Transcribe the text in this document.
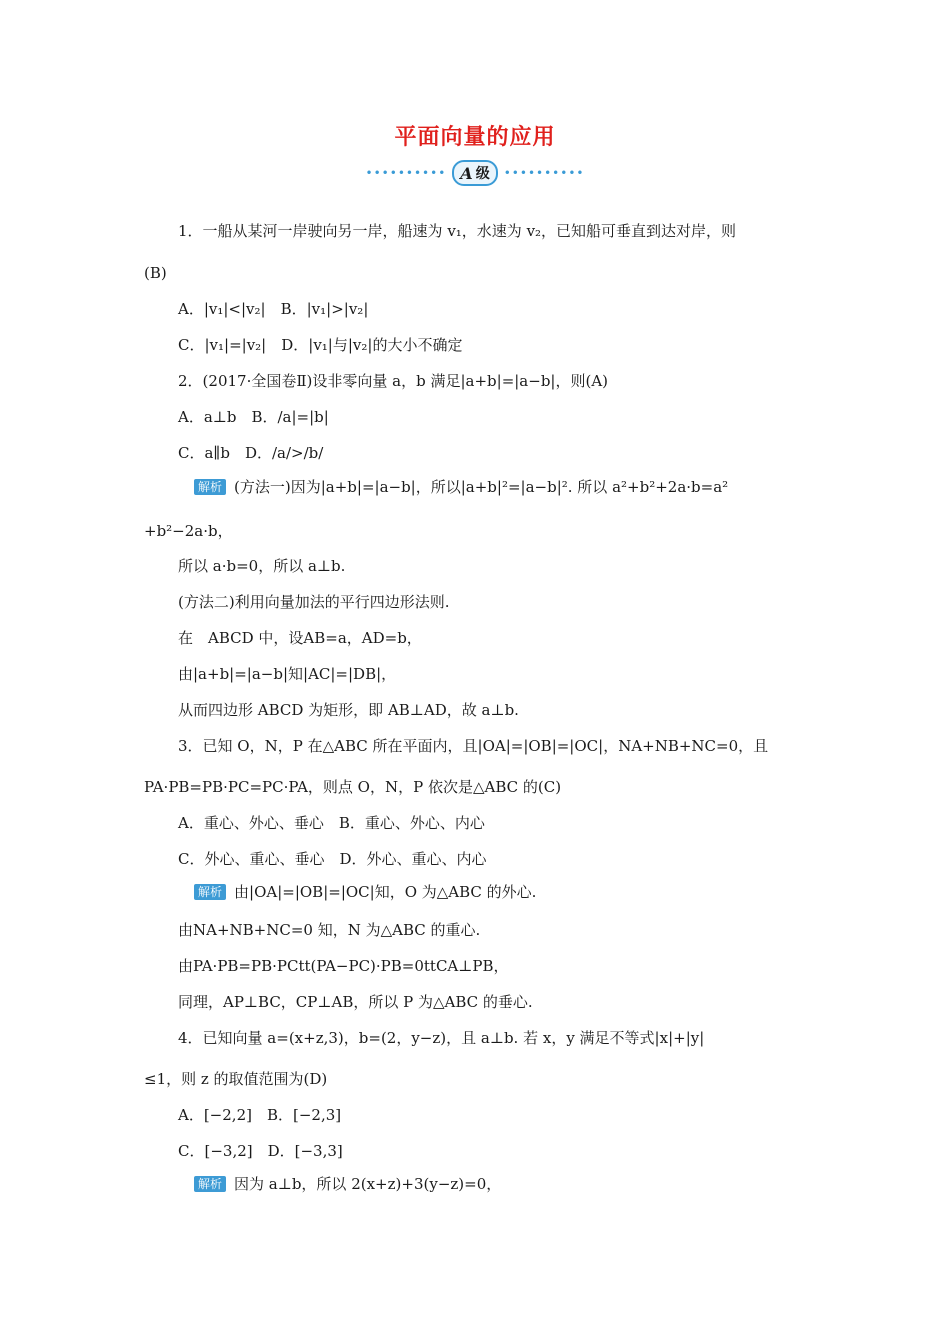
平面向量的应用
•••••••••• A 级 ••••••••••
1．一船从某河一岸驶向另一岸，船速为 v₁，水速为 v₂，已知船可垂直到达对岸，则
(B)
A．|v₁|<|v₂|　B．|v₁|>|v₂|
C．|v₁|=|v₂|　D．|v₁|与|v₂|的大小不确定
2．(2017·全国卷Ⅱ)设非零向量 a，b 满足|a+b|=|a−b|，则(A)
A．a⊥b　B．/a|=|b|
C．a∥b　D．/a/>/b/
解析 (方法一)因为|a+b|=|a−b|，所以|a+b|²=|a−b|². 所以 a²+b²+2a·b=a²
+b²−2a·b，
所以 a·b=0，所以 a⊥b.
(方法二)利用向量加法的平行四边形法则.
在　ABCD 中，设AB=a，AD=b，
由|a+b|=|a−b|知|AC|=|DB|，
从而四边形 ABCD 为矩形，即 AB⊥AD，故 a⊥b.
3．已知 O，N，P 在△ABC 所在平面内，且|OA|=|OB|=|OC|，NA+NB+NC=0，且
PA·PB=PB·PC=PC·PA，则点 O，N，P 依次是△ABC 的(C)
A．重心、外心、垂心　B．重心、外心、内心
C．外心、重心、垂心　D．外心、重心、内心
解析 由|OA|=|OB|=|OC|知，O 为△ABC 的外心.
由NA+NB+NC=0 知，N 为△ABC 的重心.
由PA·PB=PB·PCtt(PA−PC)·PB=0ttCA⊥PB，
同理，AP⊥BC，CP⊥AB，所以 P 为△ABC 的垂心.
4．已知向量 a=(x+z,3)，b=(2，y−z)，且 a⊥b. 若 x，y 满足不等式|x|+|y|
≤1，则 z 的取值范围为(D)
A．[−2,2]　B．[−2,3]
C．[−3,2]　D．[−3,3]
解析 因为 a⊥b，所以 2(x+z)+3(y−z)=0，
